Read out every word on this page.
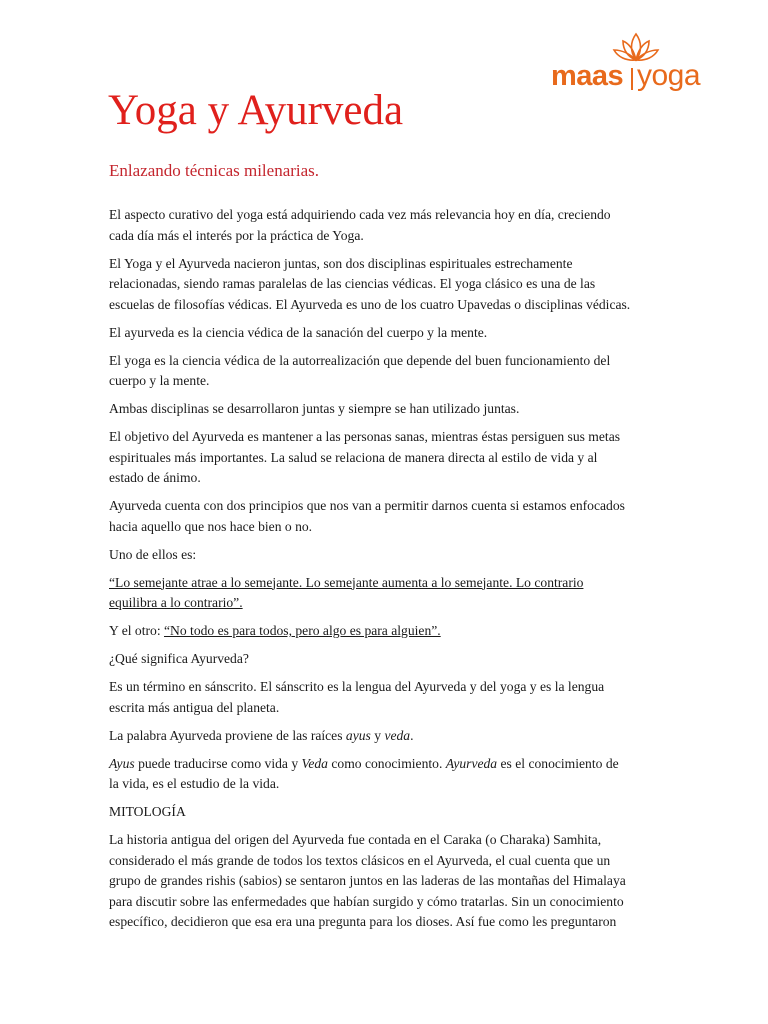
maas yoga
Yoga y Ayurveda
Enlazando técnicas milenarias.

El aspecto curativo del yoga está adquiriendo cada vez más relevancia hoy en día, creciendo
cada día más el interés por la práctica de Yoga.

El Yoga y el Ayurveda nacieron juntas, son dos disciplinas espirituales estrechamente
relacionadas, siendo ramas paralelas de las ciencias védicas. El yoga clásico es una de las
escuelas de filosofías védicas. El Ayurveda es uno de los cuatro Upavedas o disciplinas védicas.

El ayurveda es la ciencia védica de la sanación del cuerpo y la mente.

El yoga es la ciencia védica de la autorrealización que depende del buen funcionamiento del
cuerpo y la mente.

Ambas disciplinas se desarrollaron juntas y siempre se han utilizado juntas.

El objetivo del Ayurveda es mantener a las personas sanas, mientras éstas persiguen sus metas
espirituales más importantes. La salud se relaciona de manera directa al estilo de vida y al
estado de ánimo.

Ayurveda cuenta con dos principios que nos van a permitir darnos cuenta si estamos enfocados
hacia aquello que nos hace bien o no.

Uno de ellos es:

“Lo semejante atrae a lo semejante. Lo semejante aumenta a lo semejante. Lo contrario
equilibra a lo contrario”.

Y el otro: “No todo es para todos, pero algo es para alguien”.

¿Qué significa Ayurveda?

Es un término en sánscrito. El sánscrito es la lengua del Ayurveda y del yoga y es la lengua
escrita más antigua del planeta.

La palabra Ayurveda proviene de las raíces ayus y veda.

Ayus puede traducirse como vida y Veda como conocimiento. Ayurveda es el conocimiento de
la vida, es el estudio de la vida.

MITOLOGÍA

La historia antigua del origen del Ayurveda fue contada en el Caraka (o Charaka) Samhita,
considerado el más grande de todos los textos clásicos en el Ayurveda, el cual cuenta que un
grupo de grandes rishis (sabios) se sentaron juntos en las laderas de las montañas del Himalaya
para discutir sobre las enfermedades que habían surgido y cómo tratarlas. Sin un conocimiento
específico, decidieron que esa era una pregunta para los dioses. Así fue como les preguntaron
